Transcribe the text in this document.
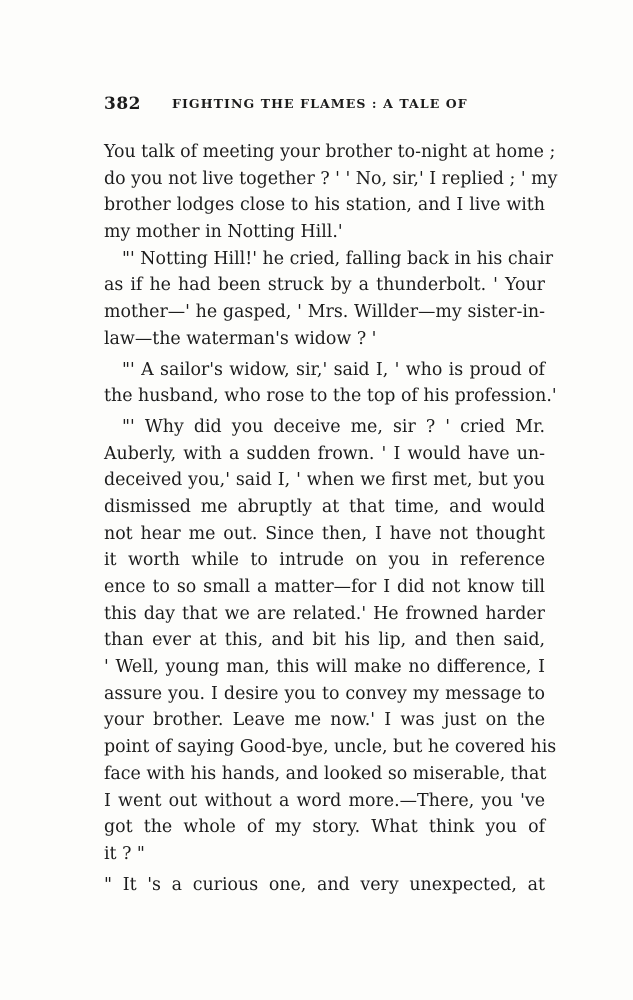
382 FIGHTING THE FLAMES : A TALE OF
You talk of meeting your brother to-night at home ;
do you not live together ? ' ' No, sir,' I replied ; ' my
brother lodges close to his station, and I live with
my mother in Notting Hill.'
"' Notting Hill!' he cried, falling back in his chair
as if he had been struck by a thunderbolt. ' Your
mother—' he gasped, ' Mrs. Willder—my sister-in-
law—the waterman's widow ? '
"' A sailor's widow, sir,' said I, ' who is proud of
the husband, who rose to the top of his profession.'
"' Why did you deceive me, sir ? ' cried Mr.
Auberly, with a sudden frown. ' I would have un-
deceived you,' said I, ' when we first met, but you
dismissed me abruptly at that time, and would
not hear me out. Since then, I have not thought
it worth while to intrude on you in reference
ence to so small a matter—for I did not know till
this day that we are related.' He frowned harder
than ever at this, and bit his lip, and then said,
' Well, young man, this will make no difference, I
assure you. I desire you to convey my message to
your brother. Leave me now.' I was just on the
point of saying Good-bye, uncle, but he covered his
face with his hands, and looked so miserable, that
I went out without a word more.—There, you 've
got the whole of my story. What think you of
it ? "
" It 's a curious one, and very unexpected, at
